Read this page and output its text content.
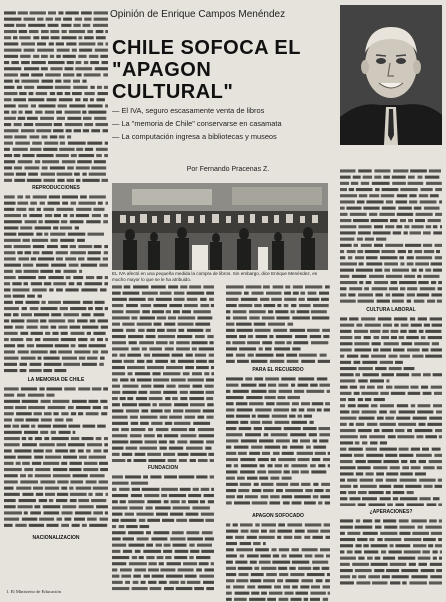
Opinión de Enrique Campos Menéndez
CHILE SOFOCA EL
"APAGON CULTURAL"
— El IVA, seguro escasamente venta de libros
— La "memoria de Chile" conservarse en casamata
— La computación ingresa a bibliotecas y museos
Por Fernando Pracenas Z.
EL IVA afectó en una pequeña medida la compra de libros. Sin embargo, dice Enrique Menéndez, es mucho mayor lo que se le ha atribuido.
REPRODUCCIONES
LA MEMORIA DE CHILE
NACIONALIZACION
1. El Ministerio de Educación
FUNDACION
PARA EL RECUERDO
APAGON SOFOCADO
CULTURA LABORAL
¿APERACIONES?
